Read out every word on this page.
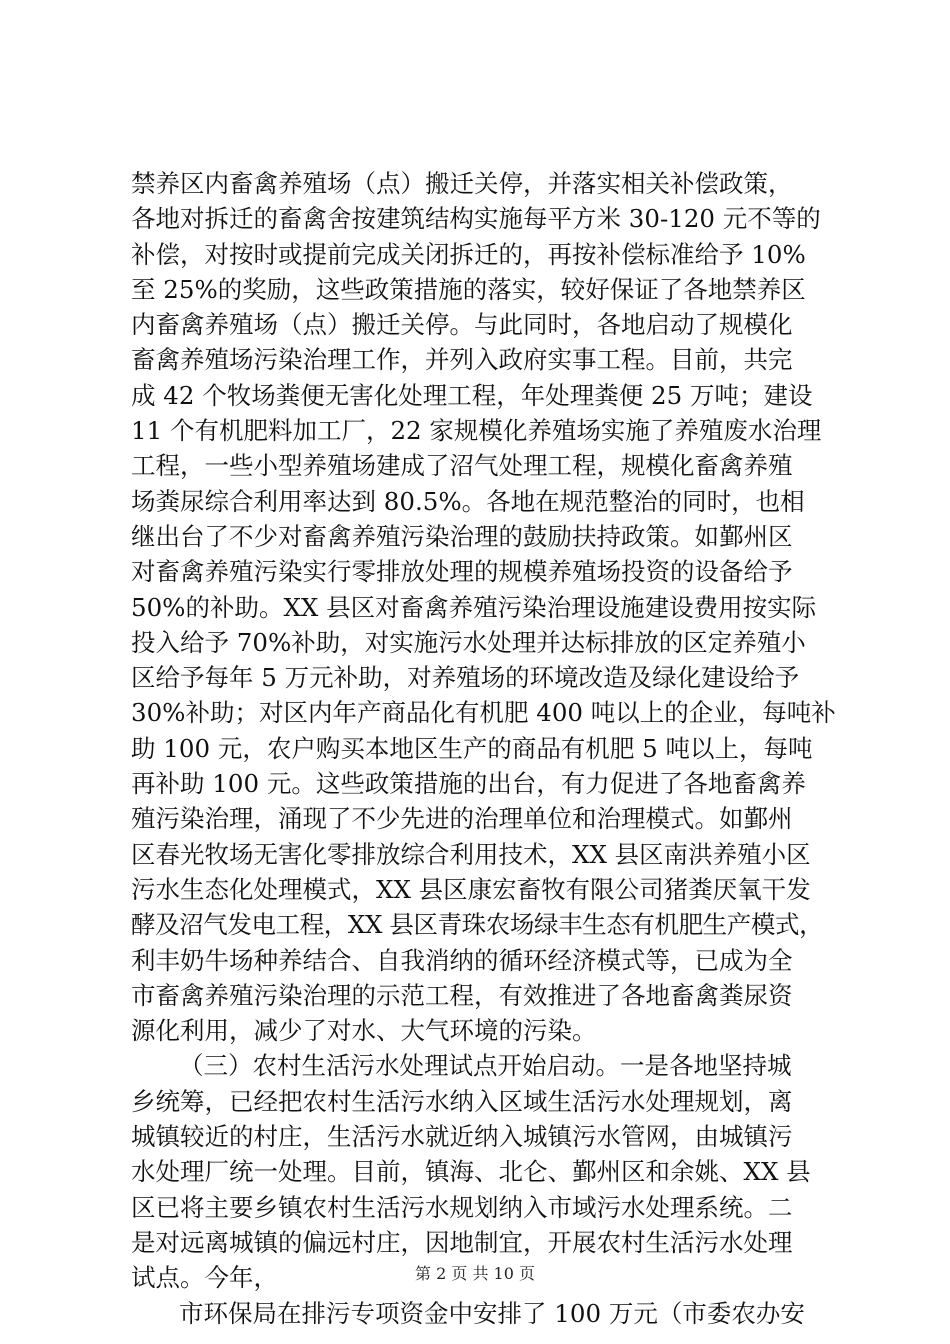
禁养区内畜禽养殖场（点）搬迁关停，并落实相关补偿政策，
各地对拆迁的畜禽舍按建筑结构实施每平方米 30-120 元不等的
补偿，对按时或提前完成关闭拆迁的，再按补偿标准给予 10%
至 25%的奖励，这些政策措施的落实，较好保证了各地禁养区
内畜禽养殖场（点）搬迁关停。与此同时，各地启动了规模化
畜禽养殖场污染治理工作，并列入政府实事工程。目前，共完
成 42 个牧场粪便无害化处理工程，年处理粪便 25 万吨；建设
11 个有机肥料加工厂，22 家规模化养殖场实施了养殖废水治理
工程，一些小型养殖场建成了沼气处理工程，规模化畜禽养殖
场粪尿综合利用率达到 80.5%。各地在规范整治的同时，也相
继出台了不少对畜禽养殖污染治理的鼓励扶持政策。如鄞州区
对畜禽养殖污染实行零排放处理的规模养殖场投资的设备给予
50%的补助。XX 县区对畜禽养殖污染治理设施建设费用按实际
投入给予 70%补助，对实施污水处理并达标排放的区定养殖小
区给予每年 5 万元补助，对养殖场的环境改造及绿化建设给予
30%补助；对区内年产商品化有机肥 400 吨以上的企业，每吨补
助 100 元，农户购买本地区生产的商品有机肥 5 吨以上，每吨
再补助 100 元。这些政策措施的出台，有力促进了各地畜禽养
殖污染治理，涌现了不少先进的治理单位和治理模式。如鄞州
区春光牧场无害化零排放综合利用技术，XX 县区南洪养殖小区
污水生态化处理模式，XX 县区康宏畜牧有限公司猪粪厌氧干发
酵及沼气发电工程，XX 县区青珠农场绿丰生态有机肥生产模式，
利丰奶牛场种养结合、自我消纳的循环经济模式等，已成为全
市畜禽养殖污染治理的示范工程，有效推进了各地畜禽粪尿资
源化利用，减少了对水、大气环境的污染。
（三）农村生活污水处理试点开始启动。一是各地坚持城
乡统筹，已经把农村生活污水纳入区域生活污水处理规划，离
城镇较近的村庄，生活污水就近纳入城镇污水管网，由城镇污
水处理厂统一处理。目前，镇海、北仑、鄞州区和余姚、XX 县
区已将主要乡镇农村生活污水规划纳入市域污水处理系统。二
是对远离城镇的偏远村庄，因地制宜，开展农村生活污水处理
试点。今年，
市环保局在排污专项资金中安排了 100 万元（市委农办安
第 2 页 共 10 页
